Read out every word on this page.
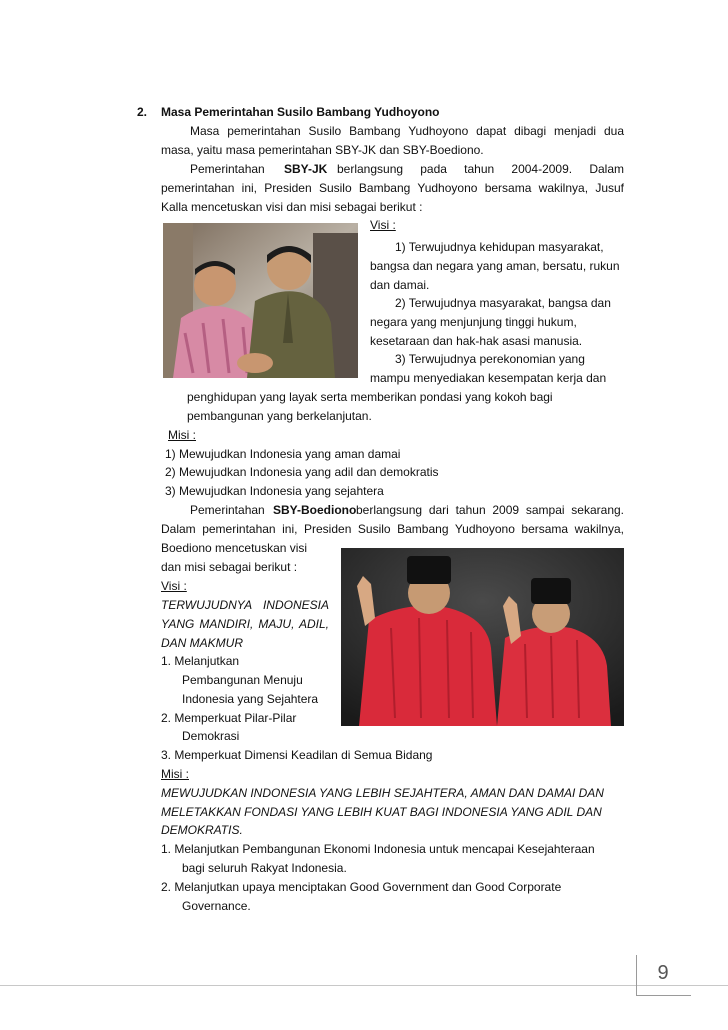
2. Masa Pemerintahan Susilo Bambang Yudhoyono
Masa pemerintahan Susilo Bambang Yudhoyono dapat dibagi menjadi dua
masa, yaitu masa pemerintahan SBY-JK dan SBY-Boediono.
Pemerintahan SBY-JK berlangsung pada tahun 2004-2009. Dalam
pemerintahan ini, Presiden Susilo Bambang Yudhoyono bersama wakilnya, Jusuf
Kalla mencetuskan visi dan misi sebagai berikut :
Visi :
1) Terwujudnya kehidupan masyarakat,
bangsa dan negara yang aman, bersatu, rukun
dan damai.
2) Terwujudnya masyarakat, bangsa dan
negara yang menjunjung tinggi hukum,
kesetaraan dan hak-hak asasi manusia.
3) Terwujudnya perekonomian yang
mampu menyediakan kesempatan kerja dan
penghidupan yang layak serta memberikan pondasi yang kokoh bagi
pembangunan yang berkelanjutan.
Misi :
1) Mewujudkan Indonesia yang aman damai
2) Mewujudkan Indonesia yang adil dan demokratis
3) Mewujudkan Indonesia yang sejahtera
Pemerintahan SBY-Boediono berlangsung dari tahun 2009 sampai sekarang.
Dalam pemerintahan ini, Presiden Susilo Bambang Yudhoyono bersama wakilnya,
Boediono mencetuskan visi
dan misi sebagai berikut :
Visi :
TERWUJUDNYA INDONESIA
YANG MANDIRI, MAJU, ADIL,
DAN MAKMUR
1. Melanjutkan
Pembangunan Menuju
Indonesia yang Sejahtera
2. Memperkuat Pilar-Pilar
Demokrasi
3. Memperkuat Dimensi Keadilan di Semua Bidang
Misi :
MEWUJUDKAN INDONESIA YANG LEBIH SEJAHTERA, AMAN DAN DAMAI DAN
MELETAKKAN FONDASI YANG LEBIH KUAT BAGI INDONESIA YANG ADIL DAN
DEMOKRATIS.
1. Melanjutkan Pembangunan Ekonomi Indonesia untuk mencapai Kesejahteraan
bagi seluruh Rakyat Indonesia.
2. Melanjutkan upaya menciptakan Good Government dan Good Corporate
Governance.
9
